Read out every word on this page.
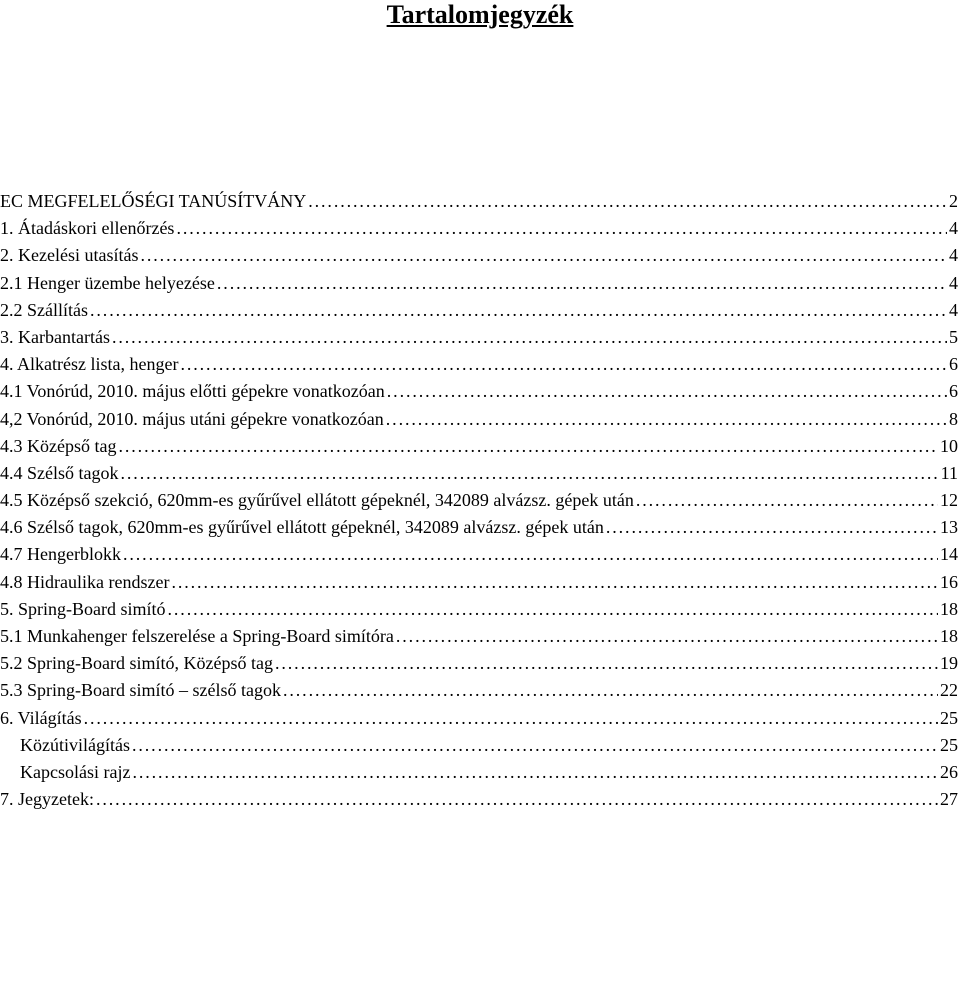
Tartalomjegyzék
EC MEGFELELŐSÉGI TANÚSÍTVÁNY . . .	2
1. Átadáskori ellenőrzés . . .	4
2. Kezelési utasítás . . .	4
2.1 Henger üzembe helyezése . . .	4
2.2 Szállítás . . .	4
3. Karbantartás . . .	5
4. Alkatrész lista, henger . . .	6
4.1 Vonórúd, 2010. május előtti gépekre vonatkozóan . . .	6
4,2 Vonórúd, 2010. május utáni gépekre vonatkozóan . . .	8
4.3 Középső tag . . .	10
4.4 Szélső tagok . . .	11
4.5 Középső szekció, 620mm-es gyűrűvel ellátott gépeknél, 342089 alvázsz. gépek után . . .	12
4.6 Szélső tagok, 620mm-es gyűrűvel ellátott gépeknél, 342089 alvázsz. gépek után . . .	13
4.7 Hengerblokk . . .	14
4.8 Hidraulika rendszer . . .	16
5. Spring-Board simító . . .	18
5.1 Munkahenger felszerelése a Spring-Board simítóra . . .	18
5.2 Spring-Board simító, Középső tag . . .	19
5.3 Spring-Board simító – szélső tagok . . .	22
6. Világítás . . .	25
Közútivilágítás . . .	25
Kapcsolási rajz . . .	26
7. Jegyzetek: . . .	27
